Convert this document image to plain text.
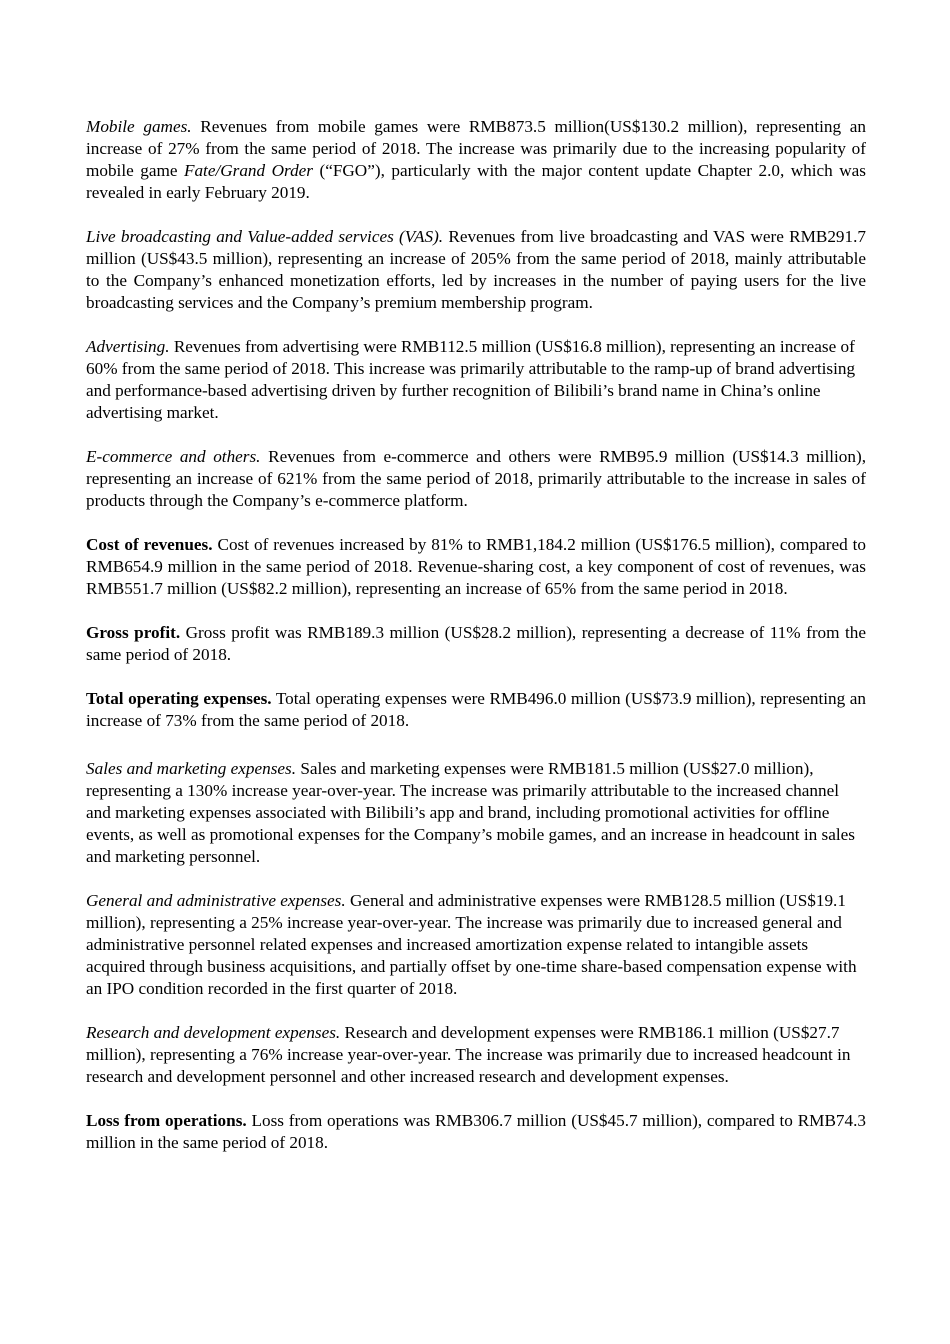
Mobile games. Revenues from mobile games were RMB873.5 million(US$130.2 million), representing an increase of 27% from the same period of 2018. The increase was primarily due to the increasing popularity of mobile game Fate/Grand Order (“FGO”), particularly with the major content update Chapter 2.0, which was revealed in early February 2019.

Live broadcasting and Value-added services (VAS). Revenues from live broadcasting and VAS were RMB291.7 million (US$43.5 million), representing an increase of 205% from the same period of 2018, mainly attributable to the Company’s enhanced monetization efforts, led by increases in the number of paying users for the live broadcasting services and the Company’s premium membership program.

Advertising. Revenues from advertising were RMB112.5 million (US$16.8 million), representing an increase of 60% from the same period of 2018. This increase was primarily attributable to the ramp-up of brand advertising and performance-based advertising driven by further recognition of Bilibili’s brand name in China’s online advertising market.

E-commerce and others. Revenues from e-commerce and others were RMB95.9 million (US$14.3 million), representing an increase of 621% from the same period of 2018, primarily attributable to the increase in sales of products through the Company’s e-commerce platform.

Cost of revenues. Cost of revenues increased by 81% to RMB1,184.2 million (US$176.5 million), compared to RMB654.9 million in the same period of 2018. Revenue-sharing cost, a key component of cost of revenues, was RMB551.7 million (US$82.2 million), representing an increase of 65% from the same period in 2018.

Gross profit. Gross profit was RMB189.3 million (US$28.2 million), representing a decrease of 11% from the same period of 2018.

Total operating expenses. Total operating expenses were RMB496.0 million (US$73.9 million), representing an increase of 73% from the same period of 2018.

Sales and marketing expenses. Sales and marketing expenses were RMB181.5 million (US$27.0 million), representing a 130% increase year-over-year. The increase was primarily attributable to the increased channel and marketing expenses associated with Bilibili’s app and brand, including promotional activities for offline events, as well as promotional expenses for the Company’s mobile games, and an increase in headcount in sales and marketing personnel.

General and administrative expenses. General and administrative expenses were RMB128.5 million (US$19.1 million), representing a 25% increase year-over-year. The increase was primarily due to increased general and administrative personnel related expenses and increased amortization expense related to intangible assets acquired through business acquisitions, and partially offset by one-time share-based compensation expense with an IPO condition recorded in the first quarter of 2018.

Research and development expenses. Research and development expenses were RMB186.1 million (US$27.7 million), representing a 76% increase year-over-year. The increase was primarily due to increased headcount in research and development personnel and other increased research and development expenses.

Loss from operations. Loss from operations was RMB306.7 million (US$45.7 million), compared to RMB74.3 million in the same period of 2018.
